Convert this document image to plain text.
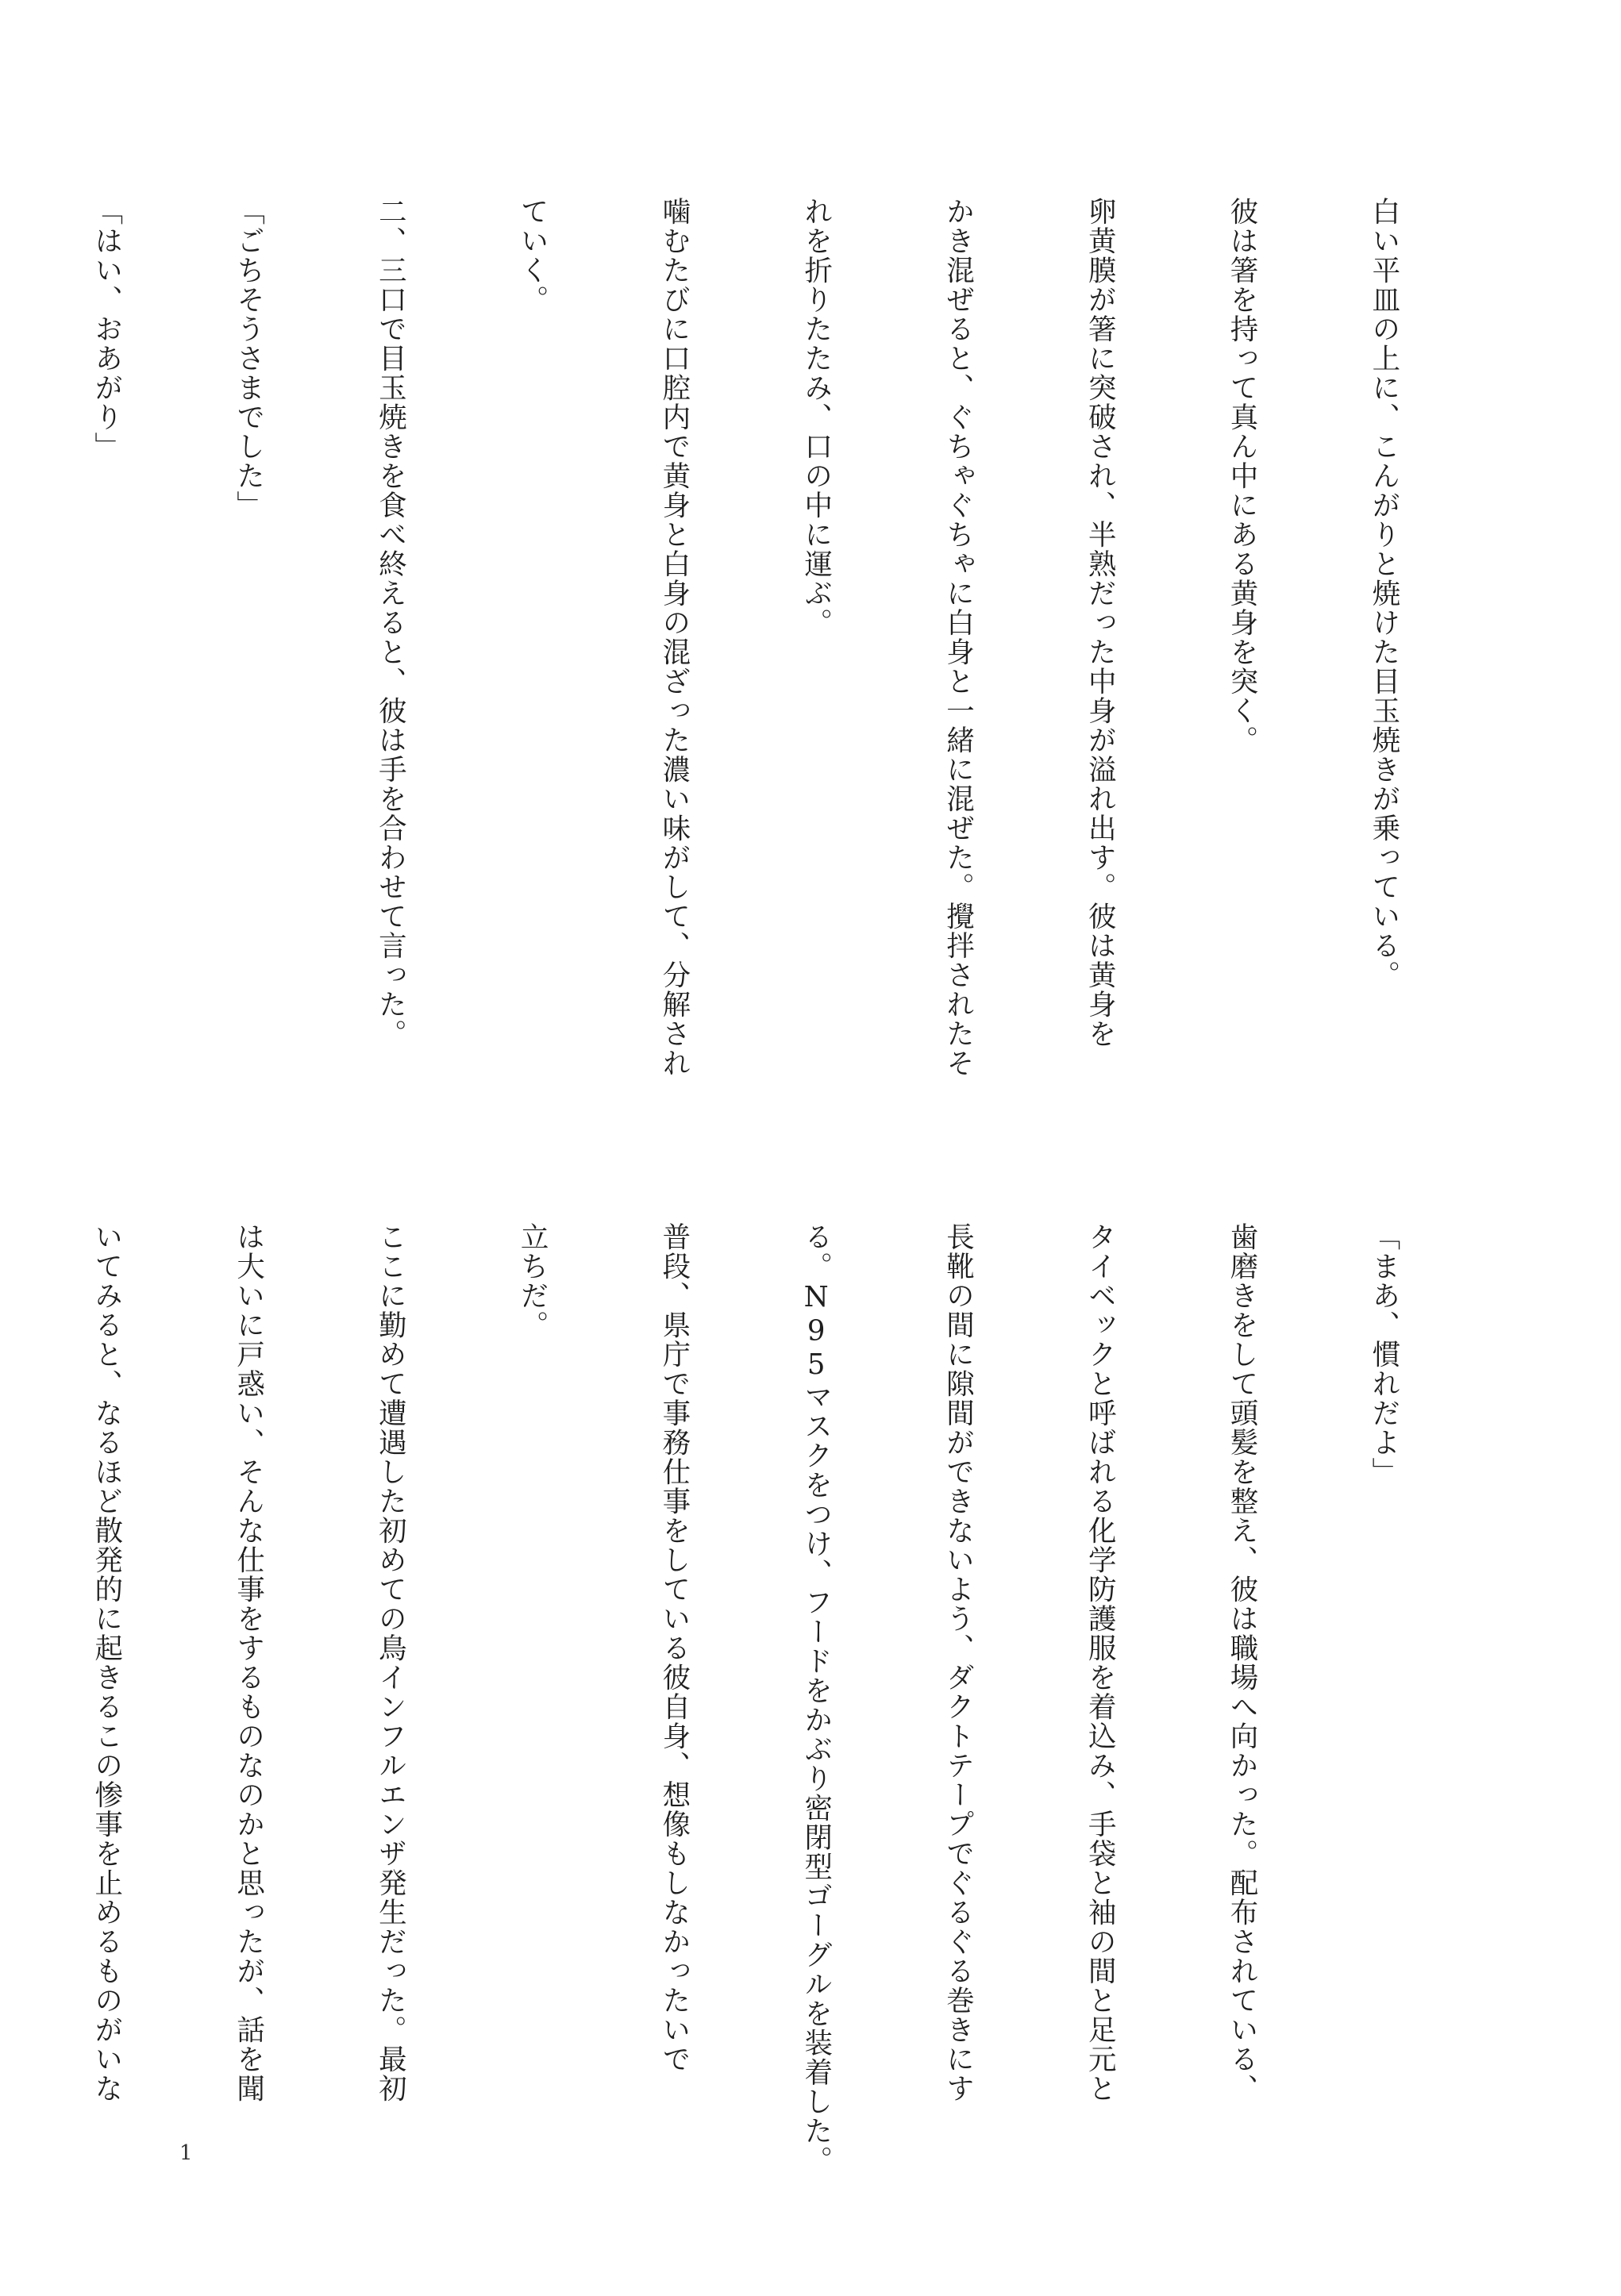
白い平皿の上に、こんがりと焼けた目玉焼きが乗っている。

彼は箸を持って真ん中にある黄身を突く。

卵黄膜が箸に突破され、半熟だった中身が溢れ出す。彼は黄身を

かき混ぜると、ぐちゃぐちゃに白身と一緒に混ぜた。攪拌されたそ

れを折りたたみ、口の中に運ぶ。

噛むたびに口腔内で黄身と白身の混ざった濃い味がして、分解され

ていく。

二、三口で目玉焼きを食べ終えると、彼は手を合わせて言った。

「ごちそうさまでした」

「はい、おあがり」

「まあ、慣れだよ」

歯磨きをして頭髪を整え、彼は職場へ向かった。配布されている、

タイベックと呼ばれる化学防護服を着込み、手袋と袖の間と足元と

長靴の間に隙間ができないよう、ダクトテープでぐるぐる巻きにす

る。N95マスクをつけ、フードをかぶり密閉型ゴーグルを装着した。

普段、県庁で事務仕事をしている彼自身、想像もしなかったいで

立ちだ。

ここに勤めて遭遇した初めての鳥インフルエンザ発生だった。最初

は大いに戸惑い、そんな仕事をするものなのかと思ったが、話を聞

いてみると、なるほど散発的に起きるこの惨事を止めるものがいな

1
